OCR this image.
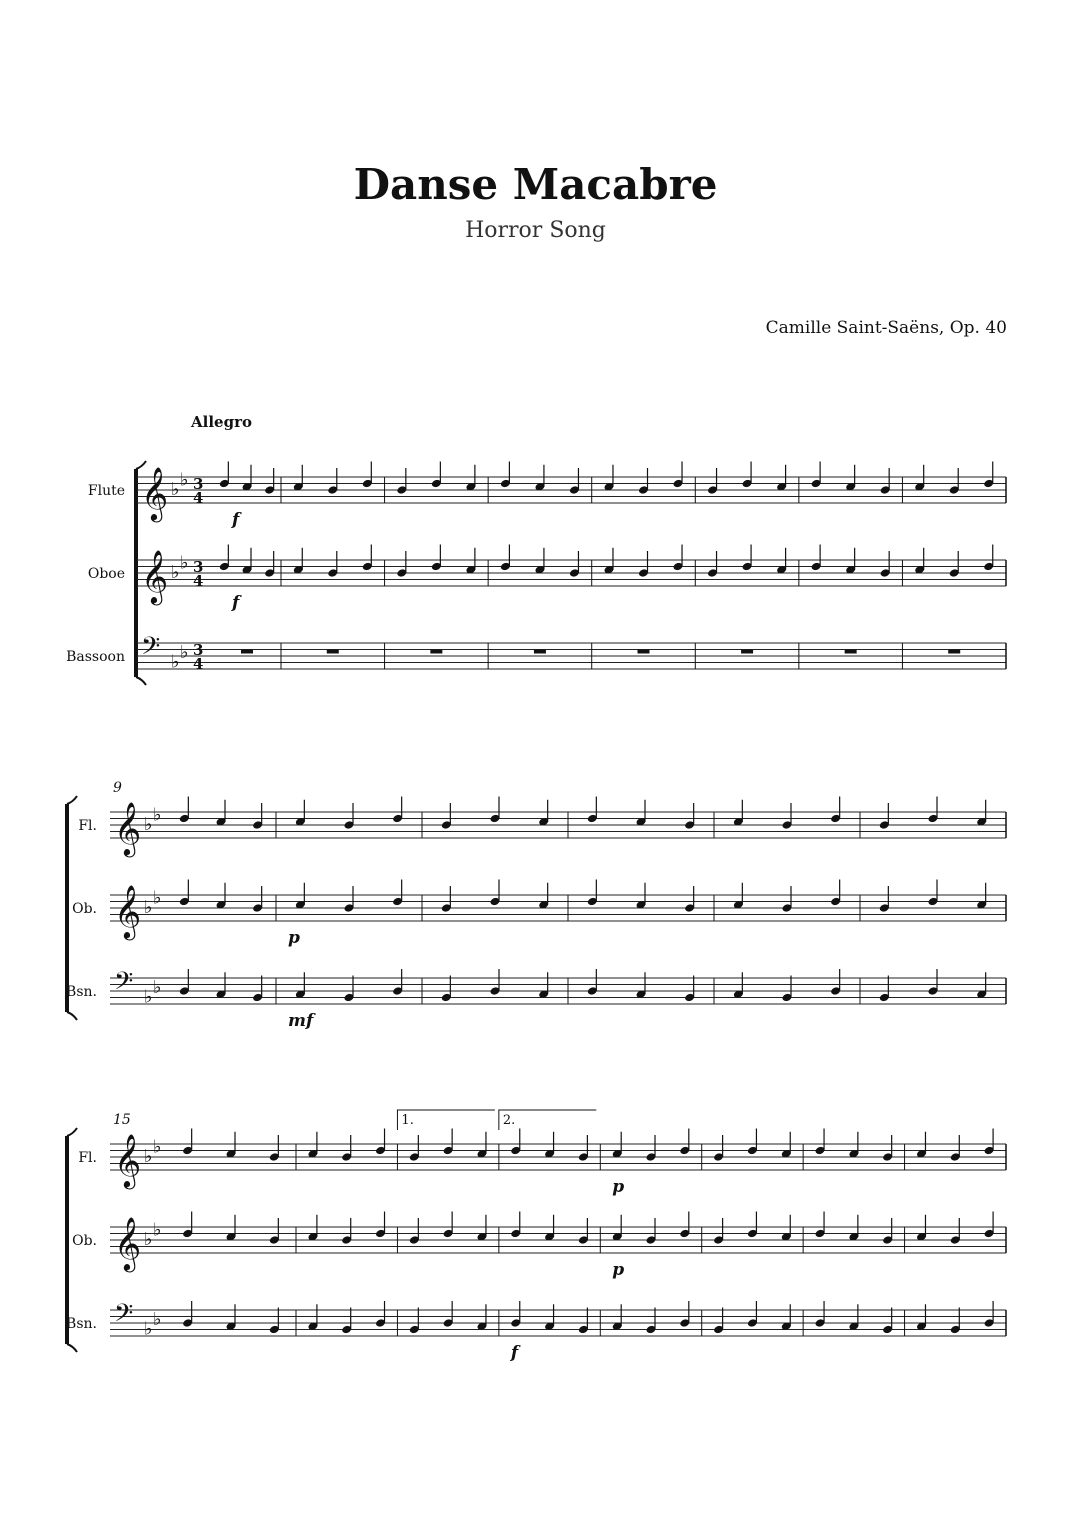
Danse Macabre
Horror Song
Camille Saint-Saëns, Op. 40
Allegro
Flute 𝄞 ♭ ♭ 3
4
Oboe 𝄞 ♭ ♭ 3
4
Bassoon 𝄢 ♭ ♭ 3
4
f
f
9
Fl. 𝄞 ♭ ♭
Ob. 𝄞 ♭ ♭
Bsn. 𝄢 ♭ ♭
p
mf
15
Fl. 𝄞 ♭ ♭
Ob. 𝄞 ♭ ♭
Bsn. 𝄢 ♭ ♭
p
p
f
1.	2.
